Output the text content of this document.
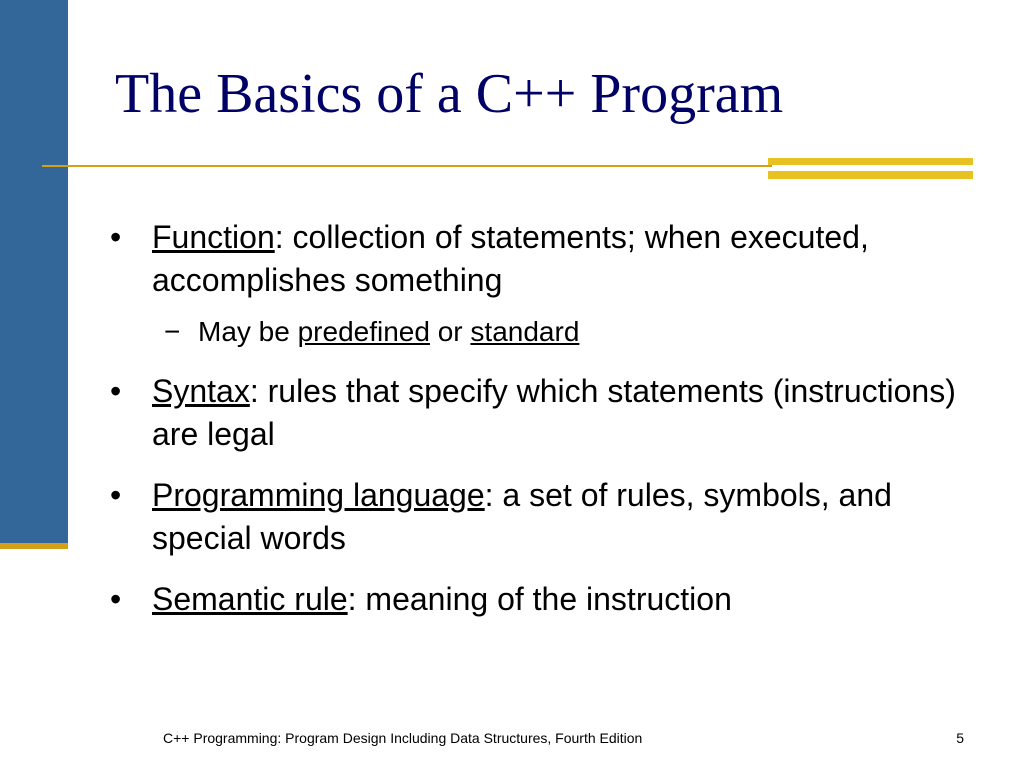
The Basics of a C++ Program
• Function: collection of statements; when executed, accomplishes something
− May be predefined or standard
• Syntax: rules that specify which statements (instructions) are legal
• Programming language: a set of rules, symbols, and special words
• Semantic rule: meaning of the instruction
C++ Programming: Program Design Including Data Structures, Fourth Edition	5
